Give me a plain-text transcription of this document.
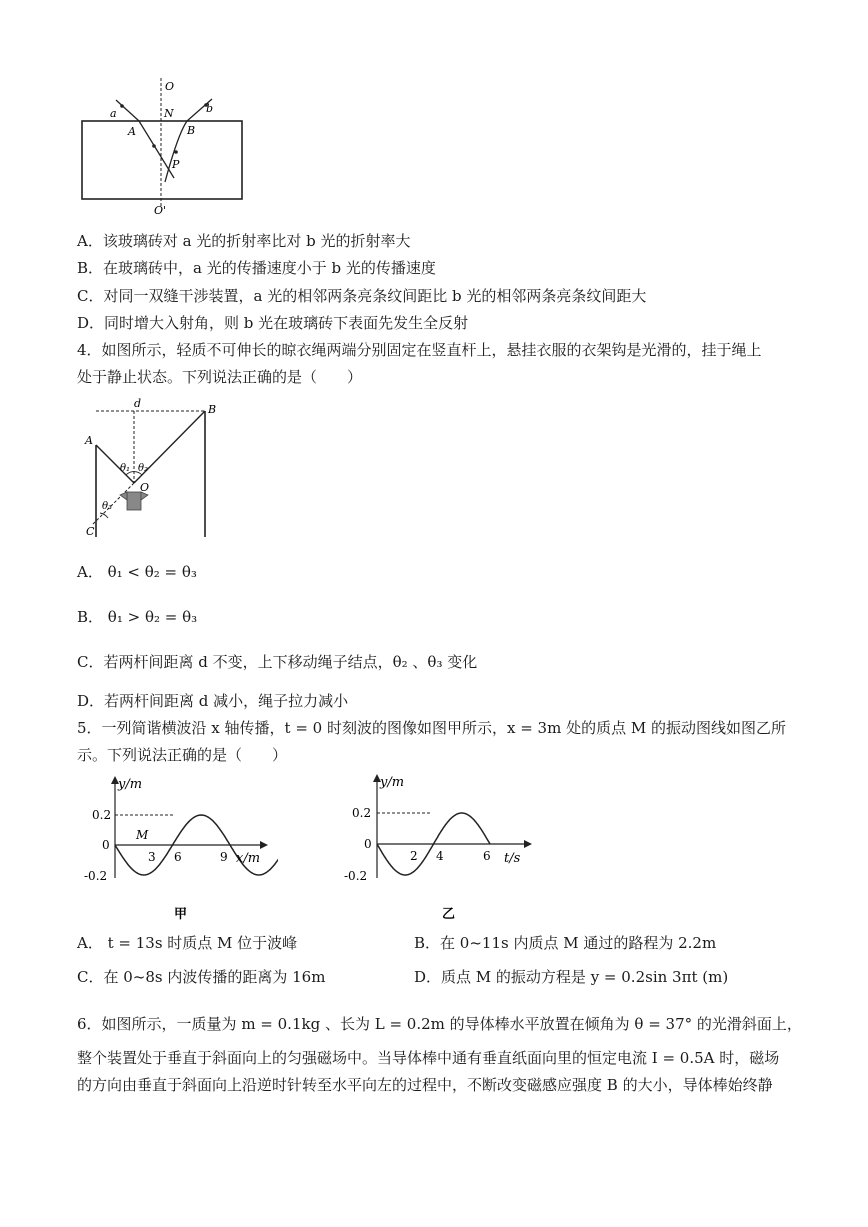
O
N
a	b
A	B
P
O'
A．该玻璃砖对 a 光的折射率比对 b 光的折射率大
B．在玻璃砖中，a 光的传播速度小于 b 光的传播速度
C．对同一双缝干涉装置，a 光的相邻两条亮条纹间距比 b 光的相邻两条亮条纹间距大
D．同时增大入射角，则 b 光在玻璃砖下表面先发生全反射
4．如图所示，轻质不可伸长的晾衣绳两端分别固定在竖直杆上，悬挂衣服的衣架钩是光滑的，挂于绳上
处于静止状态。下列说法正确的是（　　）
d
A
B
C
O
θ₁ θ₂
θ₃
A． θ₁ < θ₂ = θ₃
B． θ₁ > θ₂ = θ₃
C．若两杆间距离 d 不变，上下移动绳子结点，θ₂ 、θ₃ 变化
D．若两杆间距离 d 减小，绳子拉力减小
5．一列简谐横波沿 x 轴传播，t = 0 时刻波的图像如图甲所示，x = 3m 处的质点 M 的振动图线如图乙所
示。下列说法正确的是（　　）
y/m
x/m
0.2
0
-0.2
3 6	9
M
甲
y/m
t/s
0.2
0
-0.2
2 4	6
乙
A． t = 13s 时质点 M 位于波峰	B．在 0~11s 内质点 M 通过的路程为 2.2m
C．在 0~8s 内波传播的距离为 16m	D．质点 M 的振动方程是 y = 0.2sin 3πt (m)
6．如图所示，一质量为 m = 0.1kg 、长为 L = 0.2m 的导体棒水平放置在倾角为 θ = 37° 的光滑斜面上，
整个装置处于垂直于斜面向上的匀强磁场中。当导体棒中通有垂直纸面向里的恒定电流 I = 0.5A 时，磁场
的方向由垂直于斜面向上沿逆时针转至水平向左的过程中，不断改变磁感应强度 B 的大小，导体棒始终静
